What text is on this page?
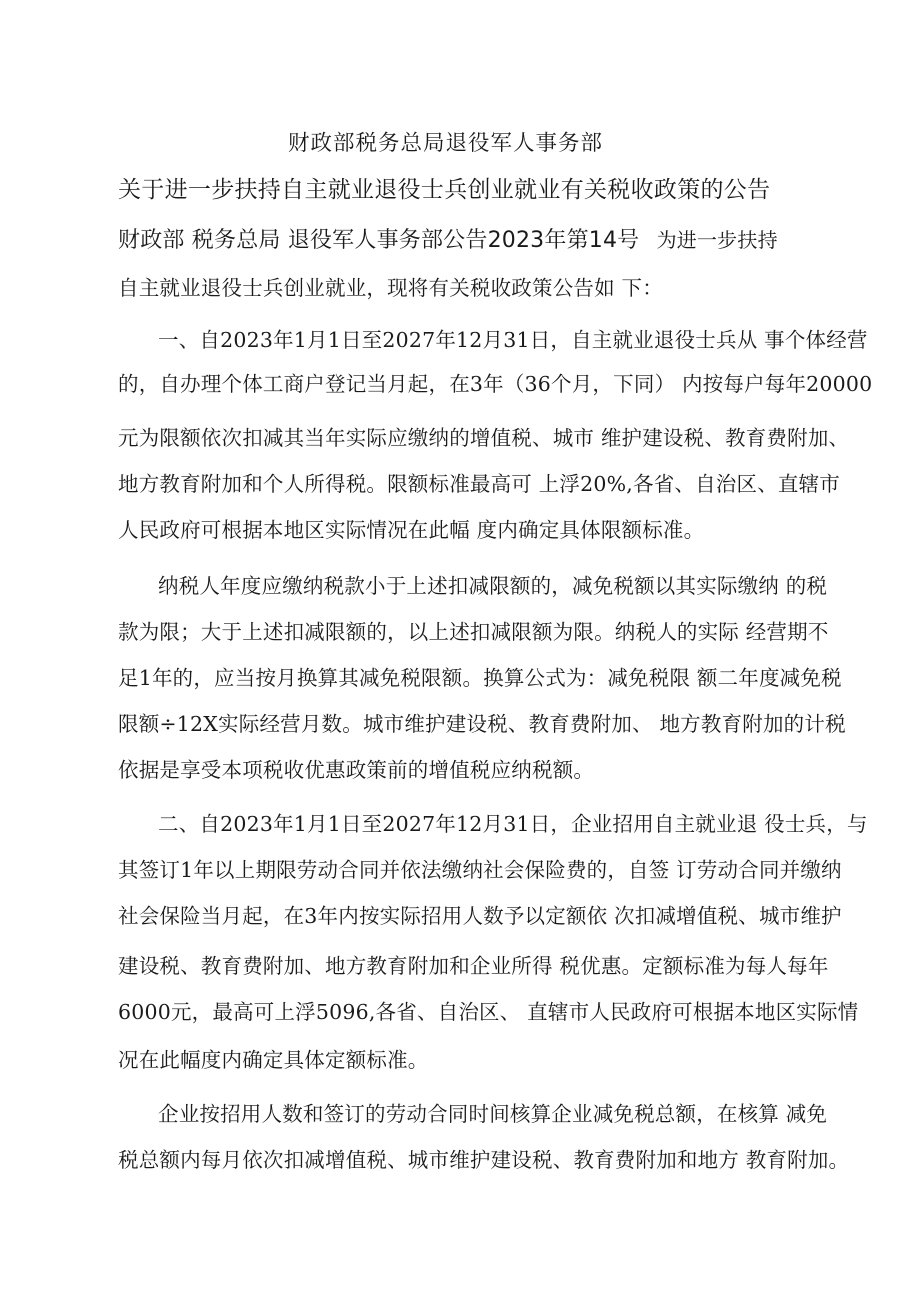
财政部税务总局退役军人事务部
关于进一步扶持自主就业退役士兵创业就业有关税收政策的公告
财政部 税务总局 退役军人事务部公告2023年第14号 为进一步扶持
自主就业退役士兵创业就业，现将有关税收政策公告如 下：
一、自2023年1月1日至2027年12月31日，自主就业退役士兵从 事个体经营
的，自办理个体工商户登记当月起，在3年（36个月，下同） 内按每户每年20000
元为限额依次扣减其当年实际应缴纳的增值税、城市 维护建设税、教育费附加、
地方教育附加和个人所得税。限额标准最高可 上浮20%,各省、自治区、直辖市
人民政府可根据本地区实际情况在此幅 度内确定具体限额标准。
纳税人年度应缴纳税款小于上述扣减限额的，减免税额以其实际缴纳 的税
款为限；大于上述扣减限额的，以上述扣减限额为限。纳税人的实际 经营期不
足1年的，应当按月换算其减免税限额。换算公式为：减免税限 额二年度减免税
限额÷12X实际经营月数。城市维护建设税、教育费附加、 地方教育附加的计税
依据是享受本项税收优惠政策前的增值税应纳税额。
二、自2023年1月1日至2027年12月31日，企业招用自主就业退 役士兵，与
其签订1年以上期限劳动合同并依法缴纳社会保险费的，自签 订劳动合同并缴纳
社会保险当月起，在3年内按实际招用人数予以定额依 次扣减增值税、城市维护
建设税、教育费附加、地方教育附加和企业所得 税优惠。定额标准为每人每年
6000元，最高可上浮5096,各省、自治区、 直辖市人民政府可根据本地区实际情
况在此幅度内确定具体定额标准。
企业按招用人数和签订的劳动合同时间核算企业减免税总额，在核算 减免
税总额内每月依次扣减增值税、城市维护建设税、教育费附加和地方 教育附加。
